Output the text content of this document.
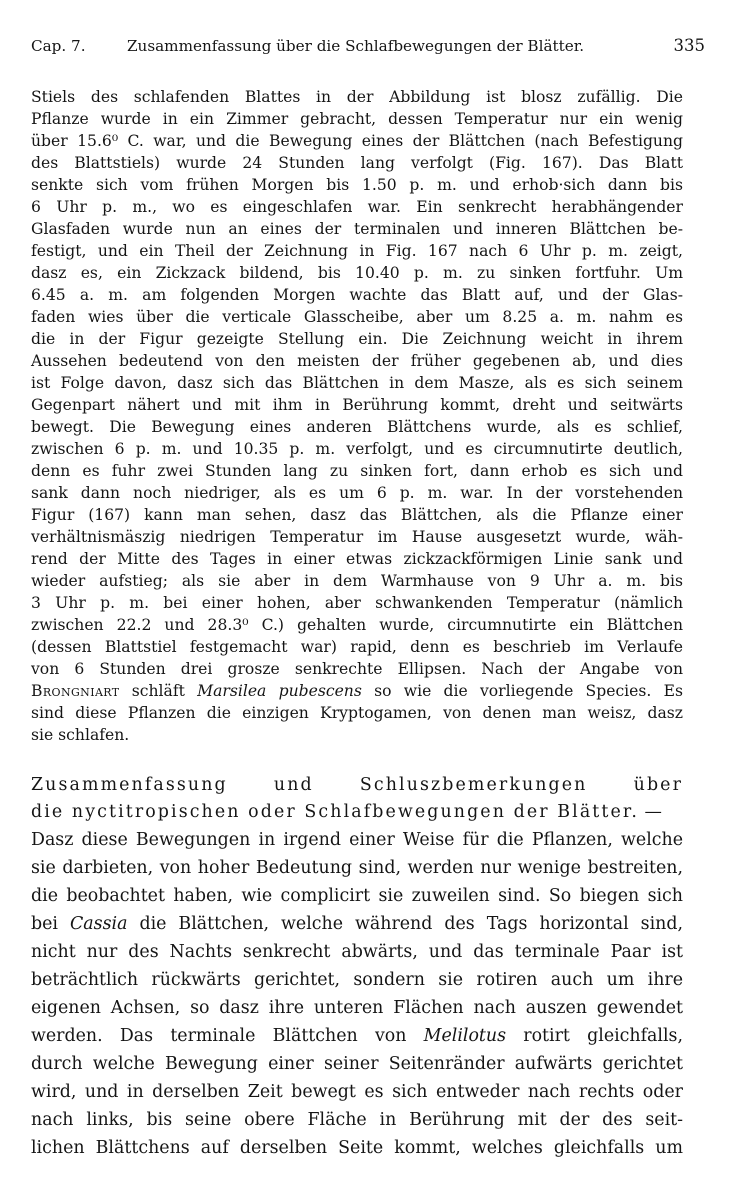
Cap. 7.	Zusammenfassung über die Schlafbewegungen der Blätter.	335
Stiels des schlafenden Blattes in der Abbildung ist blosz zufällig. Die
Pflanze wurde in ein Zimmer gebracht, dessen Temperatur nur ein wenig
über 15.6⁰ C. war, und die Bewegung eines der Blättchen (nach Befestigung
des Blattstiels) wurde 24 Stunden lang verfolgt (Fig. 167). Das Blatt
senkte sich vom frühen Morgen bis 1.50 p. m. und erhob·sich dann bis
6 Uhr p. m., wo es eingeschlafen war. Ein senkrecht herabhängender
Glasfaden wurde nun an eines der terminalen und inneren Blättchen be-
festigt, und ein Theil der Zeichnung in Fig. 167 nach 6 Uhr p. m. zeigt,
dasz es, ein Zickzack bildend, bis 10.40 p. m. zu sinken fortfuhr. Um
6.45 a. m. am folgenden Morgen wachte das Blatt auf, und der Glas-
faden wies über die verticale Glasscheibe, aber um 8.25 a. m. nahm es
die in der Figur gezeigte Stellung ein. Die Zeichnung weicht in ihrem
Aussehen bedeutend von den meisten der früher gegebenen ab, und dies
ist Folge davon, dasz sich das Blättchen in dem Masze, als es sich seinem
Gegenpart nähert und mit ihm in Berührung kommt, dreht und seitwärts
bewegt. Die Bewegung eines anderen Blättchens wurde, als es schlief,
zwischen 6 p. m. und 10.35 p. m. verfolgt, und es circumnutirte deutlich,
denn es fuhr zwei Stunden lang zu sinken fort, dann erhob es sich und
sank dann noch niedriger, als es um 6 p. m. war. In der vorstehenden
Figur (167) kann man sehen, dasz das Blättchen, als die Pflanze einer
verhältnismäszig niedrigen Temperatur im Hause ausgesetzt wurde, wäh-
rend der Mitte des Tages in einer etwas zickzackförmigen Linie sank und
wieder aufstieg; als sie aber in dem Warmhause von 9 Uhr a. m. bis
3 Uhr p. m. bei einer hohen, aber schwankenden Temperatur (nämlich
zwischen 22.2 und 28.3⁰ C.) gehalten wurde, circumnutirte ein Blättchen
(dessen Blattstiel festgemacht war) rapid, denn es beschrieb im Verlaufe
von 6 Stunden drei grosze senkrechte Ellipsen. Nach der Angabe von
Brongniart schläft Marsilea pubescens so wie die vorliegende Species. Es
sind diese Pflanzen die einzigen Kryptogamen, von denen man weisz, dasz
sie schlafen.
Zusammenfassung und Schluszbemerkungen über
die nyctitropischen oder Schlafbewegungen der Blätter. —
Dasz diese Bewegungen in irgend einer Weise für die Pflanzen, welche
sie darbieten, von hoher Bedeutung sind, werden nur wenige bestreiten,
die beobachtet haben, wie complicirt sie zuweilen sind. So biegen sich
bei Cassia die Blättchen, welche während des Tags horizontal sind,
nicht nur des Nachts senkrecht abwärts, und das terminale Paar ist
beträchtlich rückwärts gerichtet, sondern sie rotiren auch um ihre
eigenen Achsen, so dasz ihre unteren Flächen nach auszen gewendet
werden. Das terminale Blättchen von Melilotus rotirt gleichfalls,
durch welche Bewegung einer seiner Seitenränder aufwärts gerichtet
wird, und in derselben Zeit bewegt es sich entweder nach rechts oder
nach links, bis seine obere Fläche in Berührung mit der des seit-
lichen Blättchens auf derselben Seite kommt, welches gleichfalls um
